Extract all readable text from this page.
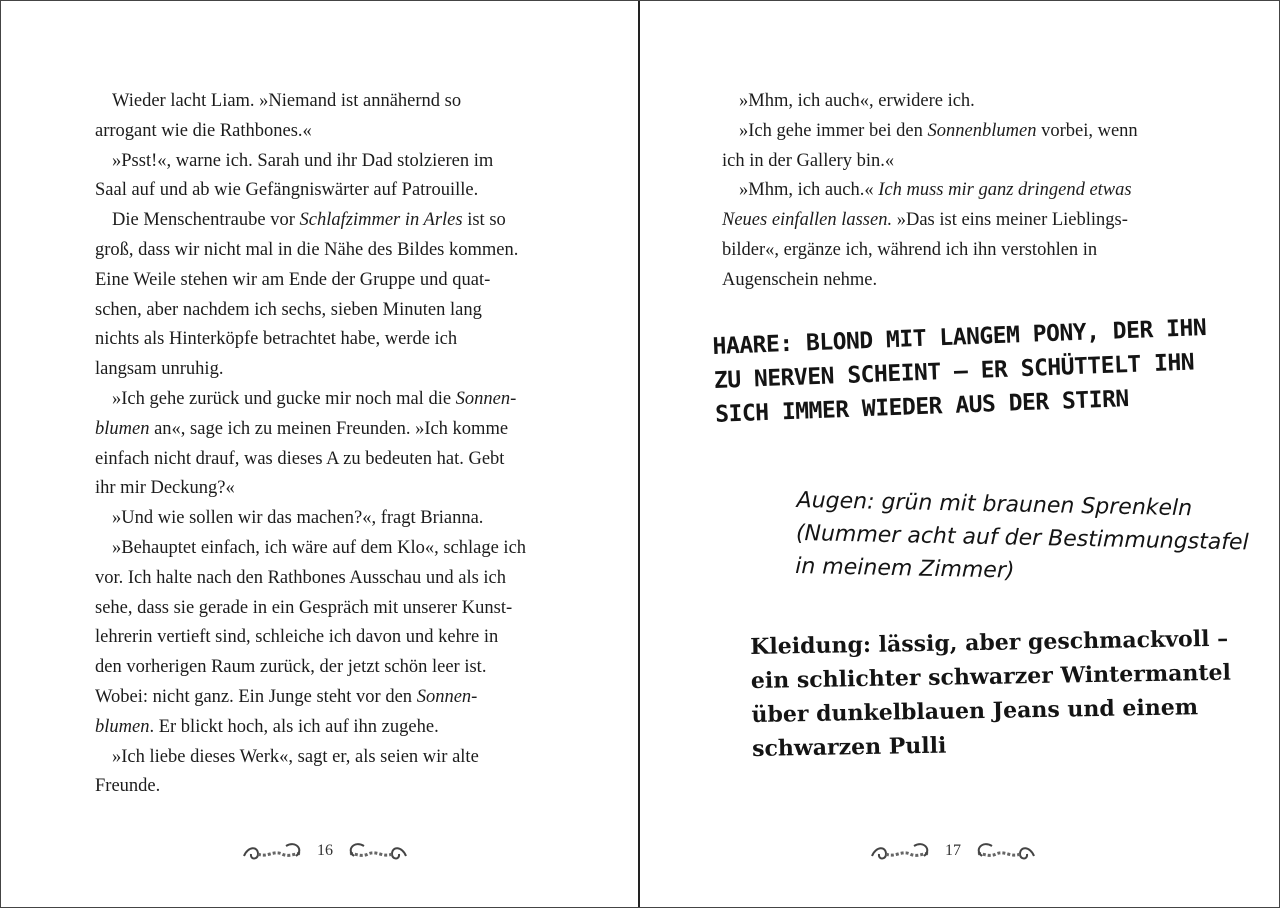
Wieder lacht Liam. »Niemand ist annähernd so
arrogant wie die Rathbones.«
»Psst!«, warne ich. Sarah und ihr Dad stolzieren im
Saal auf und ab wie Gefängniswärter auf Patrouille.
Die Menschentraube vor Schlafzimmer in Arles ist so
groß, dass wir nicht mal in die Nähe des Bildes kommen.
Eine Weile stehen wir am Ende der Gruppe und quat-
schen, aber nachdem ich sechs, sieben Minuten lang
nichts als Hinterköpfe betrachtet habe, werde ich
langsam unruhig.
»Ich gehe zurück und gucke mir noch mal die Sonnen-
blumen an«, sage ich zu meinen Freunden. »Ich komme
einfach nicht drauf, was dieses A zu bedeuten hat. Gebt
ihr mir Deckung?«
»Und wie sollen wir das machen?«, fragt Brianna.
»Behauptet einfach, ich wäre auf dem Klo«, schlage ich
vor. Ich halte nach den Rathbones Ausschau und als ich
sehe, dass sie gerade in ein Gespräch mit unserer Kunst-
lehrerin vertieft sind, schleiche ich davon und kehre in
den vorherigen Raum zurück, der jetzt schön leer ist.
Wobei: nicht ganz. Ein Junge steht vor den Sonnen-
blumen. Er blickt hoch, als ich auf ihn zugehe.
»Ich liebe dieses Werk«, sagt er, als seien wir alte
Freunde.
16
»Mhm, ich auch«, erwidere ich.
»Ich gehe immer bei den Sonnenblumen vorbei, wenn
ich in der Gallery bin.«
»Mhm, ich auch.« Ich muss mir ganz dringend etwas
Neues einfallen lassen. »Das ist eins meiner Lieblings-
bilder«, ergänze ich, während ich ihn verstohlen in
Augenschein nehme.
HAARE: BLOND MIT LANGEM PONY, DER IHN
ZU NERVEN SCHEINT – ER SCHÜTTELT IHN
SICH IMMER WIEDER AUS DER STIRN
Augen: grün mit braunen Sprenkeln
(Nummer acht auf der Bestimmungstafel
in meinem Zimmer)
Kleidung: lässig, aber geschmackvoll –
ein schlichter schwarzer Wintermantel
über dunkelblauen Jeans und einem
schwarzen Pulli
17
